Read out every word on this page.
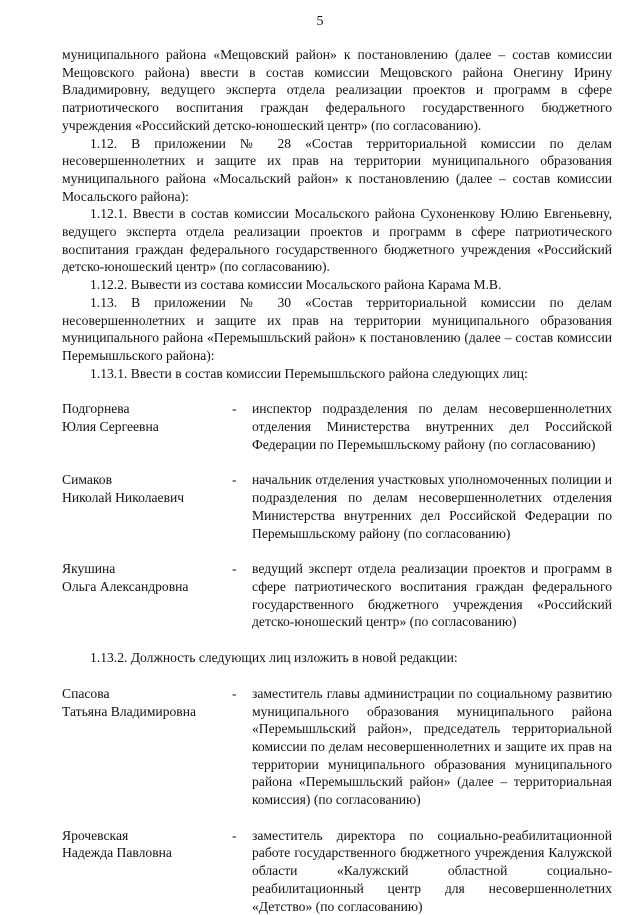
5

муниципального района «Мещовский район» к постановлению (далее – состав комиссии Мещовского района) ввести в состав комиссии Мещовского района Онегину Ирину Владимировну, ведущего эксперта отдела реализации проектов и программ в сфере патриотического воспитания граждан федерального государственного бюджетного учреждения «Российский детско-юношеский центр» (по согласованию).

1.12. В приложении № 28 «Состав территориальной комиссии по делам несовершеннолетних и защите их прав на территории муниципального образования муниципального района «Мосальский район» к постановлению (далее – состав комиссии Мосальского района):

1.12.1. Ввести в состав комиссии Мосальского района Сухоненкову Юлию Евгеньевну, ведущего эксперта отдела реализации проектов и программ в сфере патриотического воспитания граждан федерального государственного бюджетного учреждения «Российский детско-юношеский центр» (по согласованию).

1.12.2. Вывести из состава комиссии Мосальского района Карама М.В.

1.13. В приложении № 30 «Состав территориальной комиссии по делам несовершеннолетних и защите их прав на территории муниципального образования муниципального района «Перемышльский район» к постановлению (далее – состав комиссии Перемышльского района):

1.13.1. Ввести в состав комиссии Перемышльского района следующих лиц:

Подгорнева
Юлия Сергеевна
-	инспектор подразделения по делам несовершеннолетних отделения Министерства внутренних дел Российской Федерации по Перемышльскому району (по согласованию)
Симаков
Николай Николаевич
-	начальник отделения участковых уполномоченных полиции и подразделения по делам несовершеннолетних отделения Министерства внутренних дел Российской Федерации по Перемышльскому району (по согласованию)
Якушина
Ольга Александровна
-	ведущий эксперт отдела реализации проектов и программ в сфере патриотического воспитания граждан федерального государственного бюджетного учреждения «Российский детско-юношеский центр» (по согласованию)

1.13.2. Должность следующих лиц изложить в новой редакции:

Спасова
Татьяна Владимировна
-	заместитель главы администрации по социальному развитию муниципального образования муниципального района «Перемышльский район», председатель территориальной комиссии по делам несовершеннолетних и защите их прав на территории муниципального образования муниципального района «Перемышльский район» (далее – территориальная комиссия) (по согласованию)
Ярочевская
Надежда Павловна
-	заместитель директора по социально-реабилитационной работе государственного бюджетного учреждения Калужской области «Калужский областной социально-реабилитационный центр для несовершеннолетних «Детство» (по согласованию)
